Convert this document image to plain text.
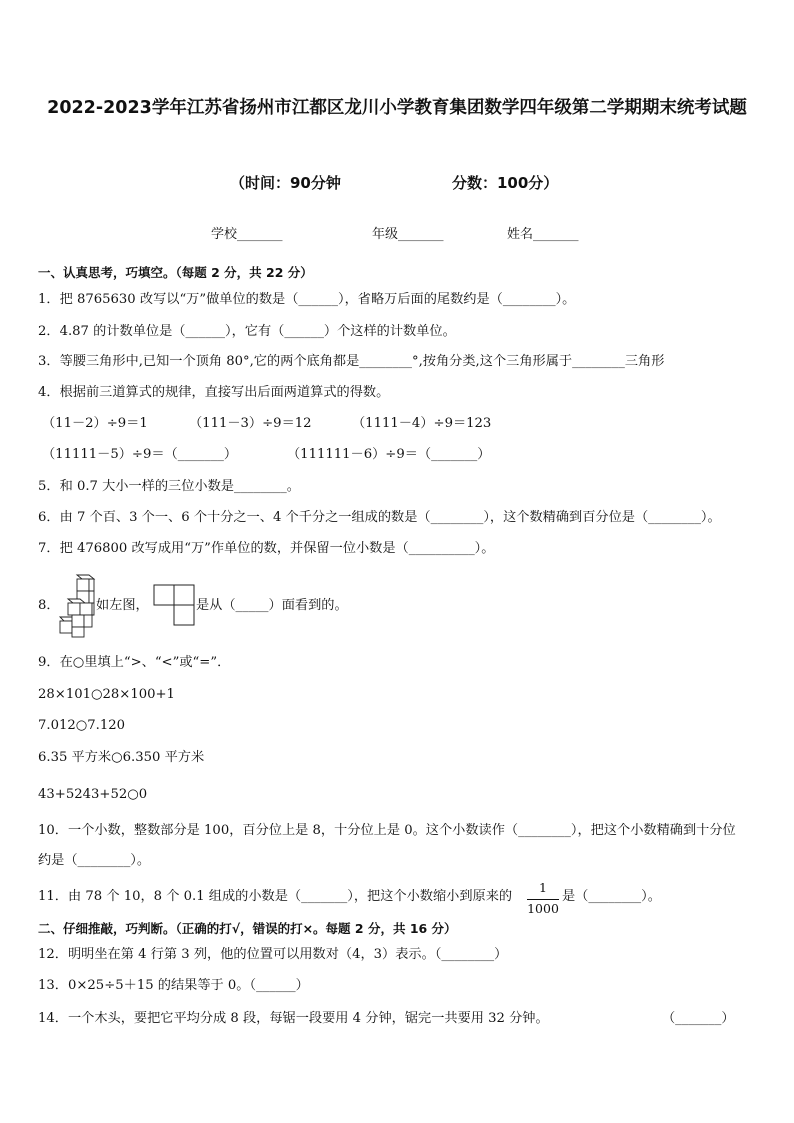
2022-2023学年江苏省扬州市江都区龙川小学教育集团数学四年级第二学期期末统考试题
（时间：90分钟	分数：100分）
学校_______	年级_______	姓名_______
一、认真思考，巧填空。（每题 2 分，共 22 分）
1．把 8765630 改写以“万”做单位的数是（______），省略万后面的尾数约是（________）。
2．4.87 的计数单位是（______），它有（______）个这样的计数单位。
3．等腰三角形中,已知一个顶角 80°,它的两个底角都是________°,按角分类,这个三角形属于________三角形
4．根据前三道算式的规律，直接写出后面两道算式的得数。
（11－2）÷9＝1	（111－3）÷9＝12	（1111－4）÷9＝123
（11111－5）÷9＝（_______）	（111111－6）÷9＝（_______）
5．和 0.7 大小一样的三位小数是________。
6．由 7 个百、3 个一、6 个十分之一、4 个千分之一组成的数是（________），这个数精确到百分位是（________）。
7．把 476800 改写成用“万”作单位的数，并保留一位小数是（__________）。
8．	如左图，	是从（_____）面看到的。
9．在○里填上“>、“<”或“=”．
28×101○28×100+1
7.012○7.120
6.35 平方米○6.350 平方米
43+5243+52○0
10．一个小数，整数部分是 100，百分位上是 8，十分位上是 0。这个小数读作（________），把这个小数精确到十分位
约是（________）。
11．由 78 个 10，8 个 0.1 组成的小数是（_______），把这个小数缩小到原来的
1
1000
是（________）。
二、仔细推敲，巧判断。（正确的打√，错误的打×。每题 2 分，共 16 分）
12．明明坐在第 4 行第 3 列，他的位置可以用数对（4，3）表示。（________）
13．0×25÷5＋15 的结果等于 0。（______）
14．一个木头，要把它平均分成 8 段，每锯一段要用 4 分钟，锯完一共要用 32 分钟。	（_______）
